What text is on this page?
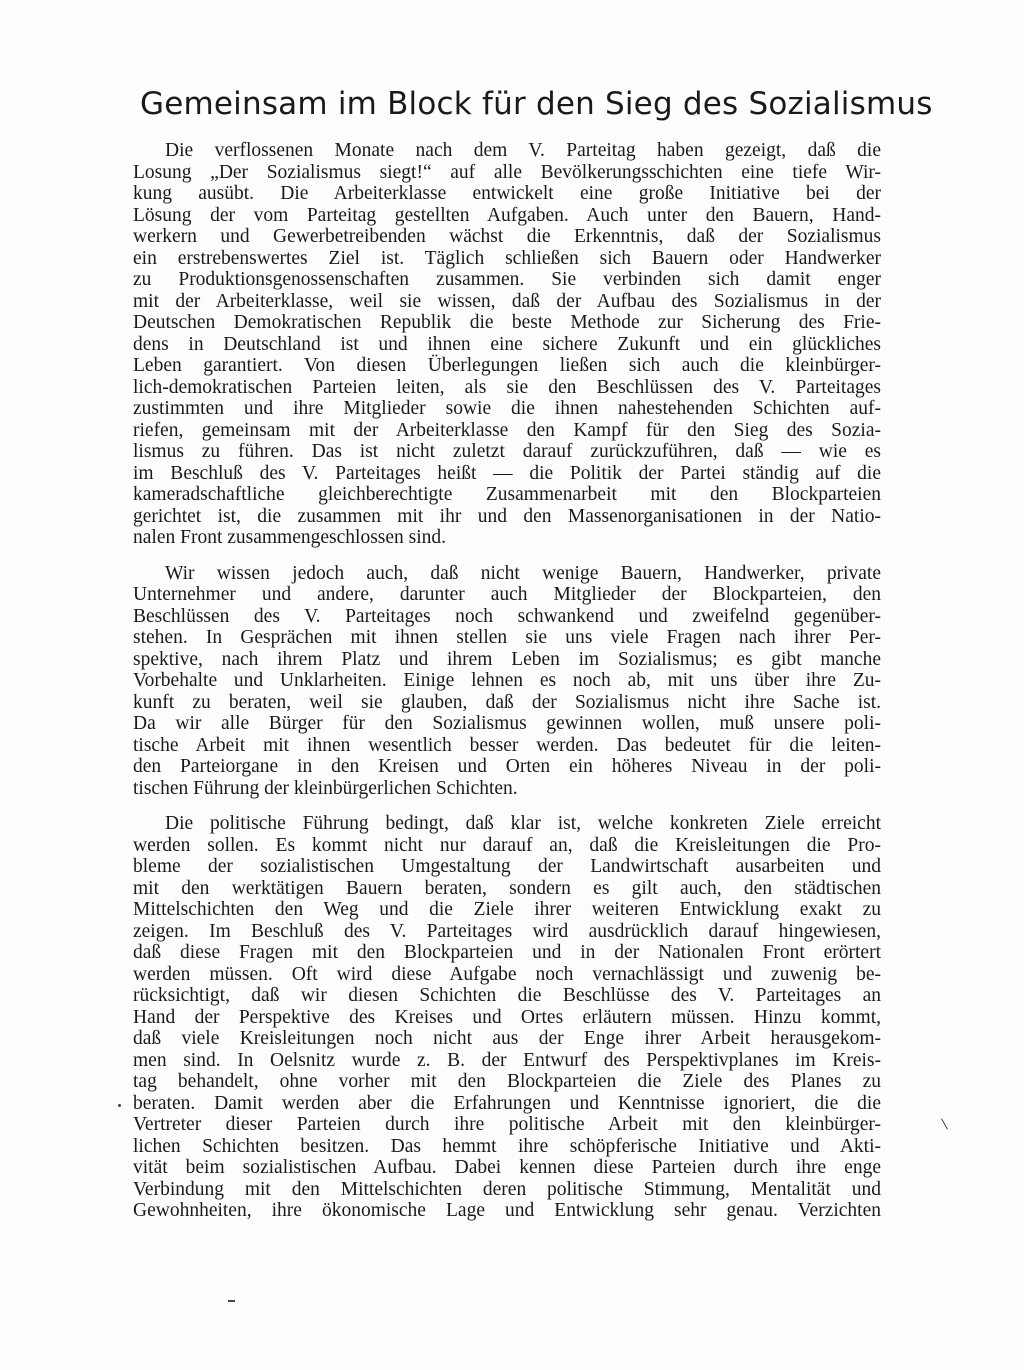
Gemeinsam im Block für den Sieg des Sozialismus
Die verflossenen Monate nach dem V. Parteitag haben gezeigt, daß die
Losung „Der Sozialismus siegt!“ auf alle Bevölkerungsschichten eine tiefe Wir-
kung ausübt. Die Arbeiterklasse entwickelt eine große Initiative bei der
Lösung der vom Parteitag gestellten Aufgaben. Auch unter den Bauern, Hand-
werkern und Gewerbetreibenden wächst die Erkenntnis, daß der Sozialismus
ein erstrebenswertes Ziel ist. Täglich schließen sich Bauern oder Handwerker
zu Produktionsgenossenschaften zusammen. Sie verbinden sich damit enger
mit der Arbeiterklasse, weil sie wissen, daß der Aufbau des Sozialismus in der
Deutschen Demokratischen Republik die beste Methode zur Sicherung des Frie-
dens in Deutschland ist und ihnen eine sichere Zukunft und ein glückliches
Leben garantiert. Von diesen Überlegungen ließen sich auch die kleinbürger-
lich-demokratischen Parteien leiten, als sie den Beschlüssen des V. Parteitages
zustimmten und ihre Mitglieder sowie die ihnen nahestehenden Schichten auf-
riefen, gemeinsam mit der Arbeiterklasse den Kampf für den Sieg des Sozia-
lismus zu führen. Das ist nicht zuletzt darauf zurückzuführen, daß — wie es
im Beschluß des V. Parteitages heißt — die Politik der Partei ständig auf die
kameradschaftliche gleichberechtigte Zusammenarbeit mit den Blockparteien
gerichtet ist, die zusammen mit ihr und den Massenorganisationen in der Natio-
nalen Front zusammengeschlossen sind.
Wir wissen jedoch auch, daß nicht wenige Bauern, Handwerker, private
Unternehmer und andere, darunter auch Mitglieder der Blockparteien, den
Beschlüssen des V. Parteitages noch schwankend und zweifelnd gegenüber-
stehen. In Gesprächen mit ihnen stellen sie uns viele Fragen nach ihrer Per-
spektive, nach ihrem Platz und ihrem Leben im Sozialismus; es gibt manche
Vorbehalte und Unklarheiten. Einige lehnen es noch ab, mit uns über ihre Zu-
kunft zu beraten, weil sie glauben, daß der Sozialismus nicht ihre Sache ist.
Da wir alle Bürger für den Sozialismus gewinnen wollen, muß unsere poli-
tische Arbeit mit ihnen wesentlich besser werden. Das bedeutet für die leiten-
den Parteiorgane in den Kreisen und Orten ein höheres Niveau in der poli-
tischen Führung der kleinbürgerlichen Schichten.
Die politische Führung bedingt, daß klar ist, welche konkreten Ziele erreicht
werden sollen. Es kommt nicht nur darauf an, daß die Kreisleitungen die Pro-
bleme der sozialistischen Umgestaltung der Landwirtschaft ausarbeiten und
mit den werktätigen Bauern beraten, sondern es gilt auch, den städtischen
Mittelschichten den Weg und die Ziele ihrer weiteren Entwicklung exakt zu
zeigen. Im Beschluß des V. Parteitages wird ausdrücklich darauf hingewiesen,
daß diese Fragen mit den Blockparteien und in der Nationalen Front erörtert
werden müssen. Oft wird diese Aufgabe noch vernachlässigt und zuwenig be-
rücksichtigt, daß wir diesen Schichten die Beschlüsse des V. Parteitages an
Hand der Perspektive des Kreises und Ortes erläutern müssen. Hinzu kommt,
daß viele Kreisleitungen noch nicht aus der Enge ihrer Arbeit herausgekom-
men sind. In Oelsnitz wurde z. B. der Entwurf des Perspektivplanes im Kreis-
tag behandelt, ohne vorher mit den Blockparteien die Ziele des Planes zu
beraten. Damit werden aber die Erfahrungen und Kenntnisse ignoriert, die die
Vertreter dieser Parteien durch ihre politische Arbeit mit den kleinbürger-
lichen Schichten besitzen. Das hemmt ihre schöpferische Initiative und Akti-
vität beim sozialistischen Aufbau. Dabei kennen diese Parteien durch ihre enge
Verbindung mit den Mittelschichten deren politische Stimmung, Mentalität und
Gewohnheiten, ihre ökonomische Lage und Entwicklung sehr genau. Verzichten
